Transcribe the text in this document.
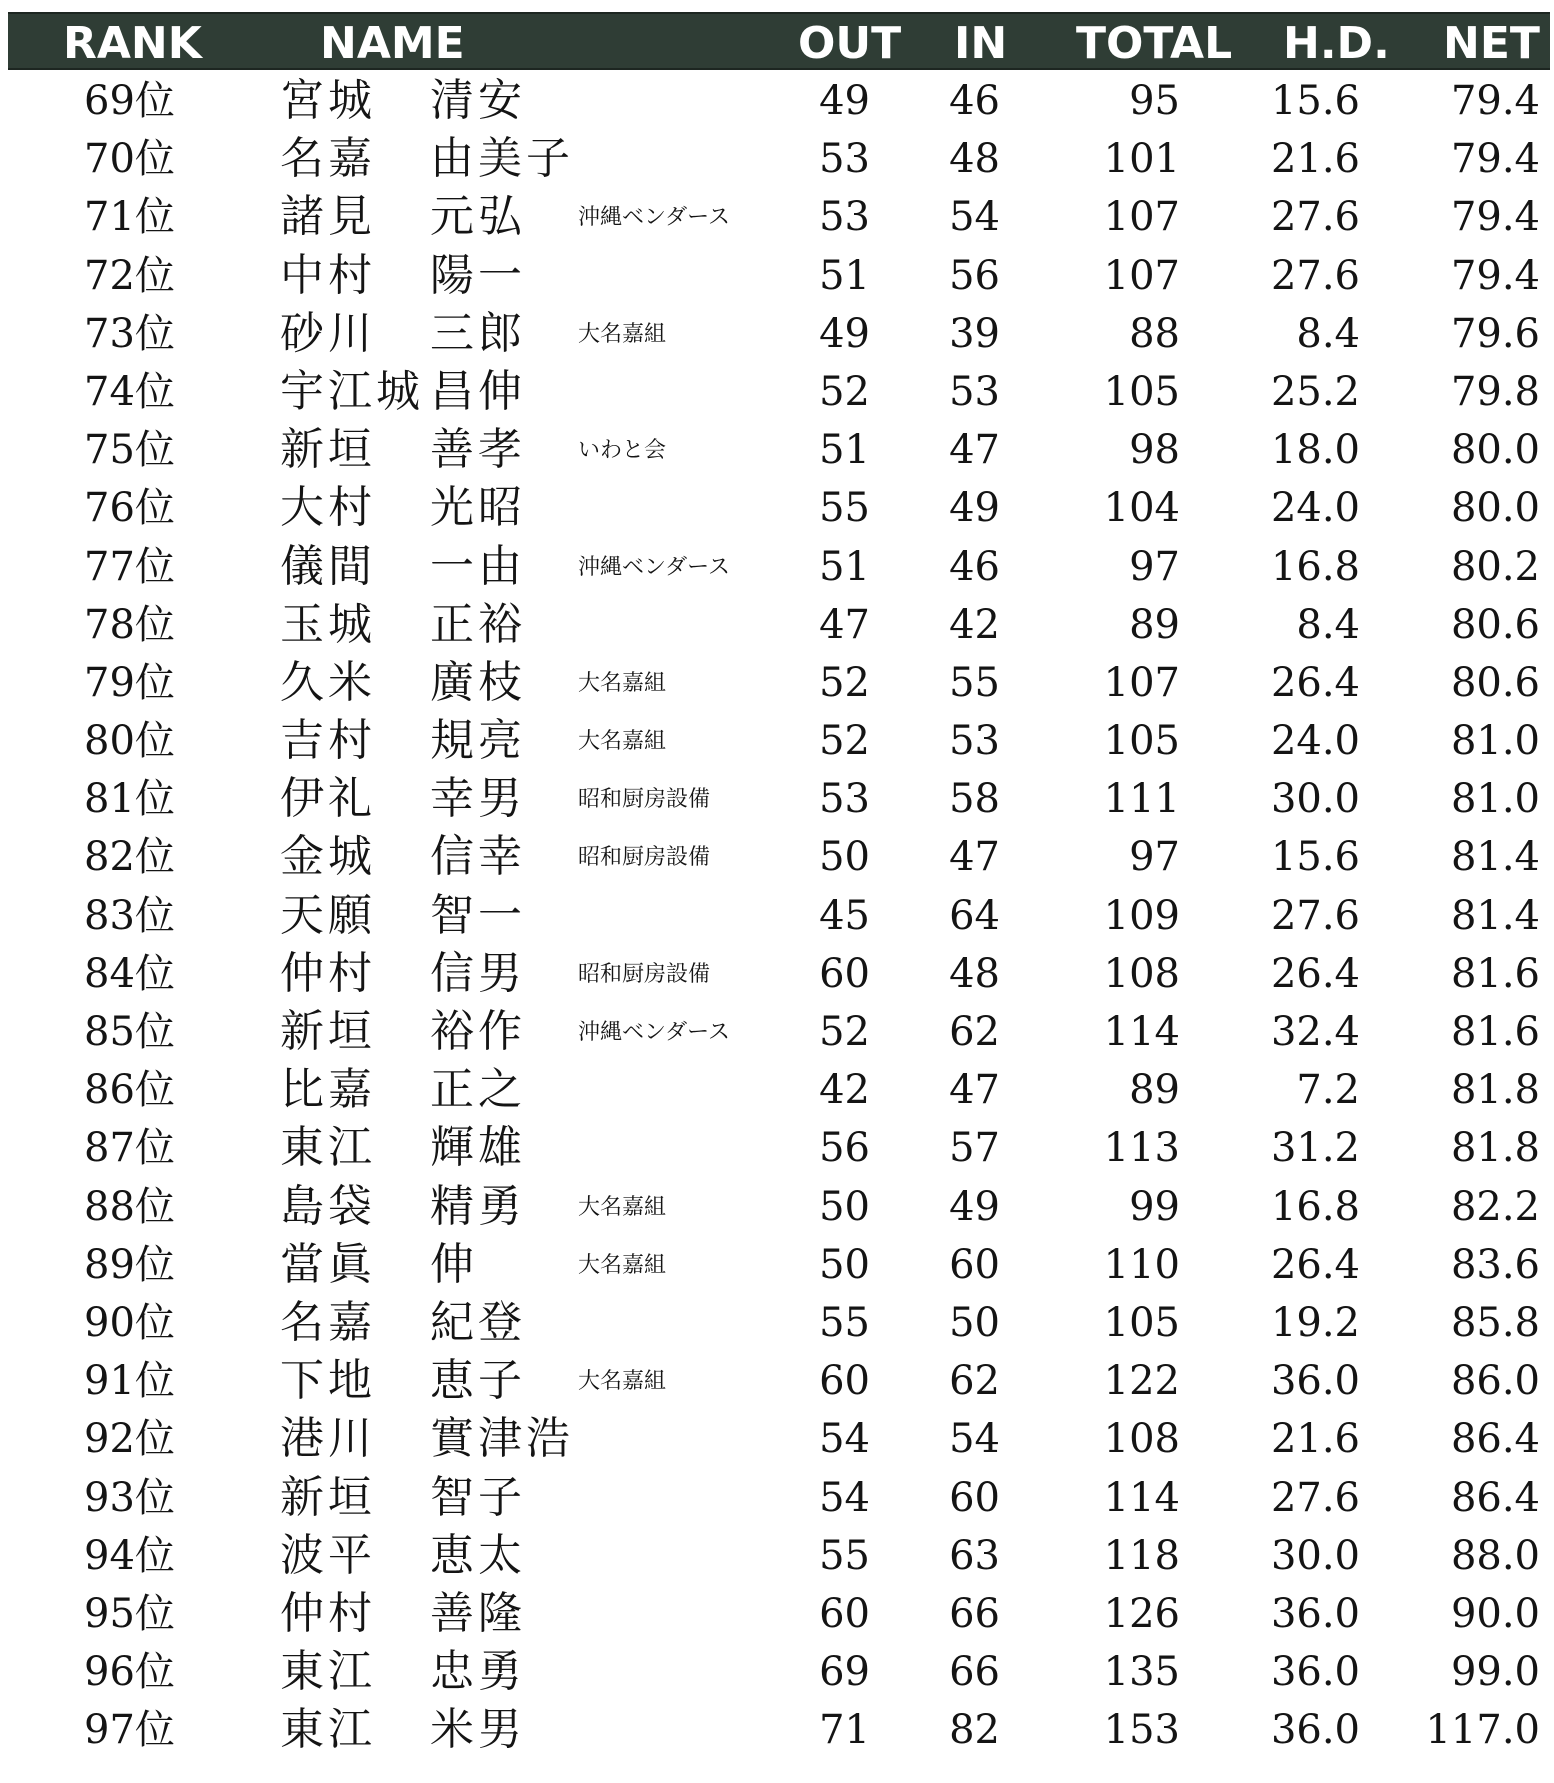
RANK	NAME	OUT IN TOTAL H.D. NET
69位	宮城	清安	49	46	95	15.6	79.4
70位	名嘉	由美子	53	48	101	21.6	79.4
71位	諸見	元弘	沖縄ベンダース	53	54	107	27.6	79.4
72位	中村	陽一	51	56	107	27.6	79.4
73位	砂川	三郎	大名嘉組	49	39	88	8.4	79.6
74位	宇江城 昌伸	52	53	105	25.2	79.8
75位	新垣	善孝	いわと会	51	47	98	18.0	80.0
76位	大村	光昭	55	49	104	24.0	80.0
77位	儀間	一由	沖縄ベンダース	51	46	97	16.8	80.2
78位	玉城	正裕	47	42	89	8.4	80.6
79位	久米	廣枝	大名嘉組	52	55	107	26.4	80.6
80位	吉村	規亮	大名嘉組	52	53	105	24.0	81.0
81位	伊礼	幸男	昭和厨房設備	53	58	111	30.0	81.0
82位	金城	信幸	昭和厨房設備	50	47	97	15.6	81.4
83位	天願	智一	45	64	109	27.6	81.4
84位	仲村	信男	昭和厨房設備	60	48	108	26.4	81.6
85位	新垣	裕作	沖縄ベンダース	52	62	114	32.4	81.6
86位	比嘉	正之	42	47	89	7.2	81.8
87位	東江	輝雄	56	57	113	31.2	81.8
88位	島袋	精勇	大名嘉組	50	49	99	16.8	82.2
89位	當眞	伸	大名嘉組	50	60	110	26.4	83.6
90位	名嘉	紀登	55	50	105	19.2	85.8
91位	下地	恵子	大名嘉組	60	62	122	36.0	86.0
92位	港川	實津浩	54	54	108	21.6	86.4
93位	新垣	智子	54	60	114	27.6	86.4
94位	波平	恵太	55	63	118	30.0	88.0
95位	仲村	善隆	60	66	126	36.0	90.0
96位	東江	忠勇	69	66	135	36.0	99.0
97位	東江	米男	71	82	153	36.0	117.0
